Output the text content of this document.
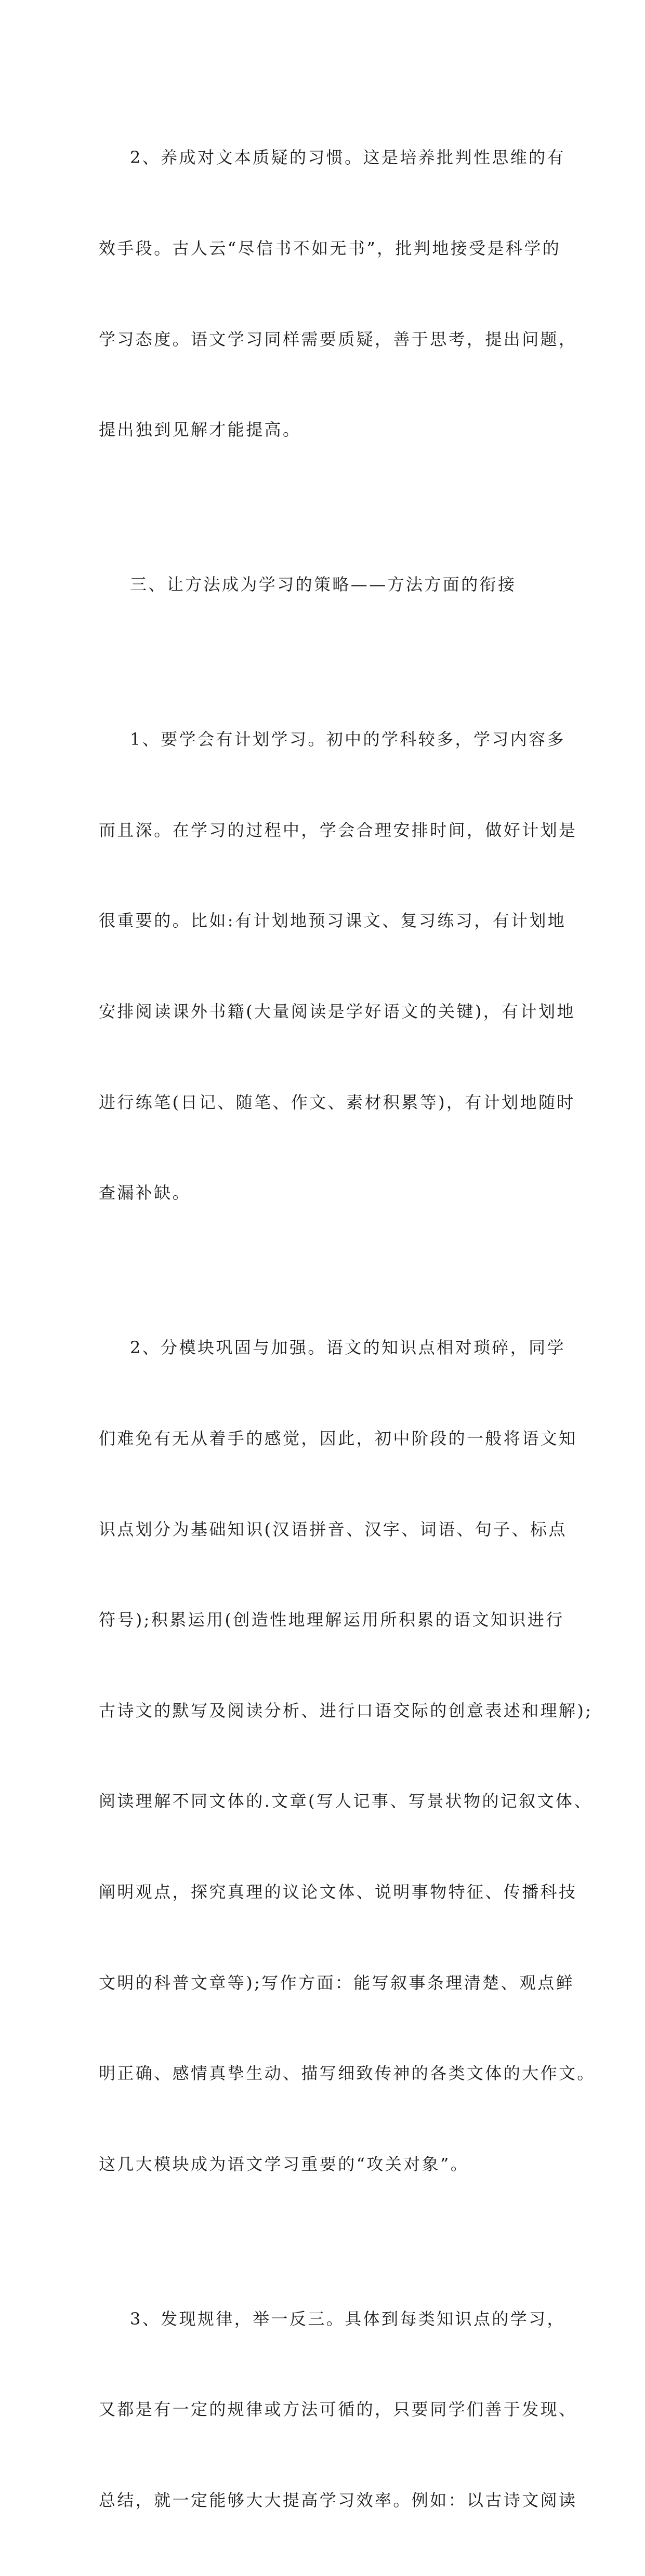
2、养成对文本质疑的习惯。这是培养批判性思维的有

效手段。古人云“尽信书不如无书”，批判地接受是科学的

学习态度。语文学习同样需要质疑，善于思考，提出问题，

提出独到见解才能提高。

三、让方法成为学习的策略——方法方面的衔接

1、要学会有计划学习。初中的学科较多，学习内容多

而且深。在学习的过程中，学会合理安排时间，做好计划是

很重要的。比如:有计划地预习课文、复习练习，有计划地

安排阅读课外书籍(大量阅读是学好语文的关键)，有计划地

进行练笔(日记、随笔、作文、素材积累等)，有计划地随时

查漏补缺。

2、分模块巩固与加强。语文的知识点相对琐碎，同学

们难免有无从着手的感觉，因此，初中阶段的一般将语文知

识点划分为基础知识(汉语拼音、汉字、词语、句子、标点

符号);积累运用(创造性地理解运用所积累的语文知识进行

古诗文的默写及阅读分析、进行口语交际的创意表述和理解);

阅读理解不同文体的.文章(写人记事、写景状物的记叙文体、

阐明观点，探究真理的议论文体、说明事物特征、传播科技

文明的科普文章等);写作方面：能写叙事条理清楚、观点鲜

明正确、感情真挚生动、描写细致传神的各类文体的大作文。

这几大模块成为语文学习重要的“攻关对象”。

3、发现规律，举一反三。具体到每类知识点的学习，

又都是有一定的规律或方法可循的，只要同学们善于发现、

总结，就一定能够大大提高学习效率。例如：以古诗文阅读
